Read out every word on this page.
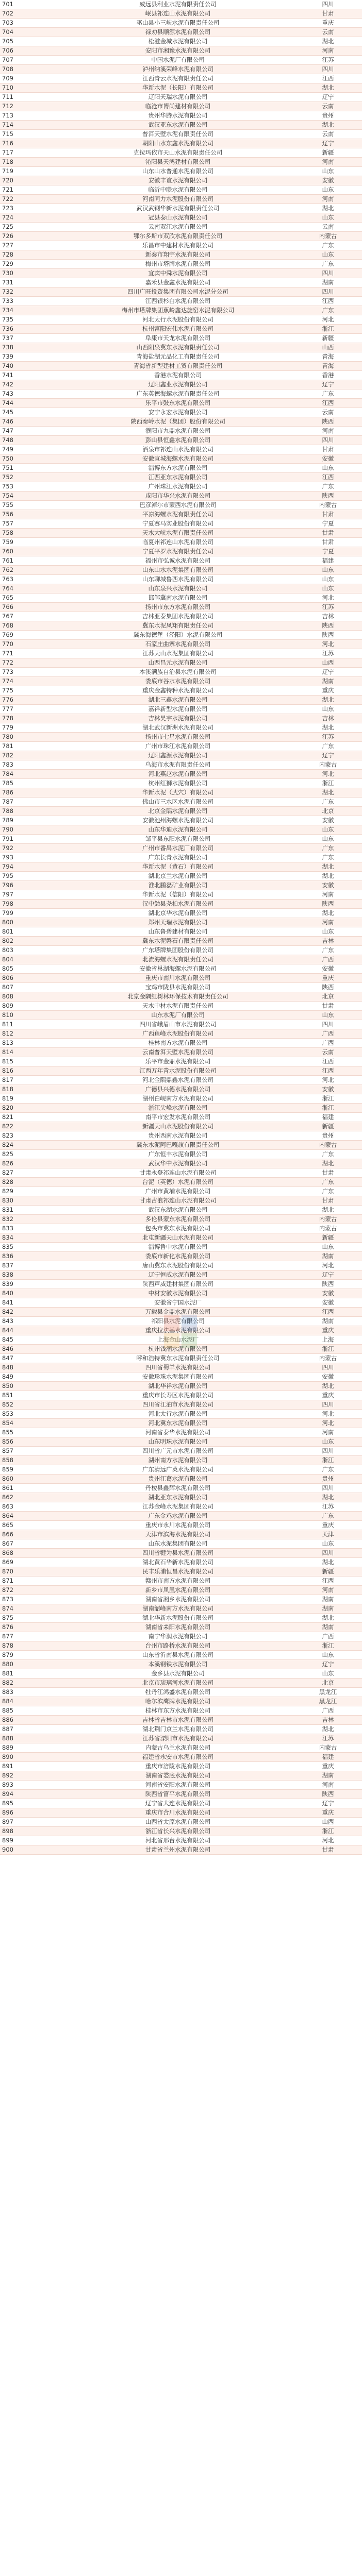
701	威远县利业水泥有限责任公司	四川
702	岷县祁连山水泥有限公司	甘肃
703	巫山县小三峡水泥有限责任公司	重庆
704	禄劝县顺源水泥有限公司	云南
705	松滋金城水泥有限公司	湖北
706	安阳市湘豫水泥有限公司	河南
707	中国水泥厂有限公司	江苏
708	泸州纳溪荣峰水泥有限公司	四川
709	江西青云水泥有限责任公司	江西
710	华新水泥（长阳）有限公司	湖北
711	辽阳天瑞水泥有限公司	辽宁
712	临沧市博尚建材有限公司	云南
713	贵州华腾水泥有限公司	贵州
714	武汉亚东水泥有限公司	湖北
715	普洱天壁水泥有限责任公司	云南
716	朝阳山水东鑫水泥有限公司	辽宁
717	克拉玛依市天山水泥有限责任公司	新疆
718	沁阳县天鸿建材有限公司	河南
719	山东山水普通水泥有限公司	山东
720	安徽丰谊水泥有限公司	安徽
721	临沂中联水泥有限公司	山东
722	河南同力水泥股份有限公司	河南
723	武汉武钢华新水泥有限责任公司	湖北
724	冠县泰山水泥有限公司	山东
725	云南双江水泥有限公司	云南
726	鄂尔多斯市双欣水泥有限责任公司	内蒙古
727	乐昌市中建材水泥有限公司	广东
728	新泰市翔宇水泥有限公司	山东
729	梅州市塔牌水泥有限公司	广东
730	宜宾中舜水泥有限公司	四川
731	嘉禾县金鑫水泥有限公司	湖南
732	四川广旺投资集团有限公司水泥分公司	四川
733	江西银杉白水泥有限公司	江西
734	梅州市塔牌集团蕉岭鑫达旋窑水泥有限公司	广东
735	河北太行水泥股份有限公司	河北
736	杭州富阳宏伟水泥有限公司	浙江
737	阜康市天龙水泥有限公司	新疆
738	山西阳泉冀东水泥有限责任公司	山西
739	青海盐湖元品化工有限责任公司	青海
740	青海省新型建材工贸有限责任公司	青海
741	香港水泥有限公司	香港
742	辽阳鑫业水泥有限公司	辽宁
743	广东英德海螺水泥有限责任公司	广东
744	乐平市鼓东水泥有限公司	江西
745	安宁永宏水泥有限公司	云南
746	陕西秦岭水泥（集团）股份有限公司	陕西
747	濮阳市九鼎水泥有限公司	河南
748	彭山县恒鑫水泥有限公司	四川
749	酒泉市祁连山水泥有限公司	甘肃
750	安徽宣城海螺水泥有限公司	安徽
751	淄博东方水泥有限公司	山东
752	江西亚东水泥有限公司	江西
753	广州珠江水泥有限公司	广东
754	咸阳市华兴水泥有限公司	陕西
755	巴彦淖尔市蒙西水泥有限公司	内蒙古
756	平凉海螺水泥有限责任公司	甘肃
757	宁夏赛马实业股份有限公司	宁夏
758	天水大峡水泥有限责任公司	甘肃
759	临夏州祁连山水泥有限公司	甘肃
760	宁夏平罗水泥有限责任公司	宁夏
761	福州市弘诚水泥有限公司	福建
762	山东山水水泥集团有限公司	山东
763	山东聊城鲁西水泥有限公司	山东
764	山东泉兴水泥有限公司	山东
765	邯郸冀南水泥有限公司	河北
766	扬州市东方水泥有限公司	江苏
767	吉林亚泰集团水泥有限公司	吉林
768	冀东水泥凤翔有限责任公司	陕西
769	冀东海德堡（泾阳）水泥有限公司	陕西
770	石家庄曲寨水泥有限公司	河北
771	江苏天山水泥集团有限公司	江苏
772	山西昌元水泥有限公司	山西
773	本溪满族自治县水泥有限公司	辽宁
774	娄底市谷水水泥有限公司	湖南
775	重庆金鑫特种水泥有限公司	重庆
776	湖北三鑫水泥有限公司	湖北
777	嘉祥新型水泥有限公司	山东
778	吉林昊宇水泥有限公司	吉林
779	湖北武汉新洲水泥有限公司	湖北
780	扬州市七星水泥有限公司	江苏
781	广州市珠江水泥有限公司	广东
782	辽阳鑫源水泥有限公司	辽宁
783	乌海市水泥有限责任公司	内蒙古
784	河北燕赵水泥有限公司	河北
785	杭州红狮水泥有限公司	浙江
786	华新水泥（武穴）有限公司	湖北
787	佛山市三水区水泥有限公司	广东
788	北京金隅水泥有限公司	北京
789	安徽池州海螺水泥有限公司	安徽
790	山东华迪水泥有限公司	山东
791	邹平县东阳水泥有限公司	山东
792	广州市番禺水泥厂有限公司	广东
793	广东长青水泥有限公司	广东
794	华新水泥（黄石）有限公司	湖北
795	湖北京兰水泥有限公司	湖北
796	淮北鹏磊矿业有限公司	安徽
797	华新水泥（信阳）有限公司	河南
798	汉中勉县尧柏水泥有限公司	陕西
799	湖北京华水泥有限公司	湖北
800	郑州天瑞水泥有限公司	河南
801	山东鲁碧建材有限公司	山东
802	冀东水泥磐石有限责任公司	吉林
803	广东塔牌集团股份有限公司	广东
804	北流海螺水泥有限责任公司	广西
805	安徽省巢湖海螺水泥有限公司	安徽
806	重庆市南川水泥有限公司	重庆
807	宝鸡市陇县水泥有限公司	陕西
808	北京金隅红树林环保技术有限责任公司	北京
809	天水中材水泥有限责任公司	甘肃
810	山东水泥厂有限公司	山东
811	四川省峨眉山市水泥有限公司	四川
812	广西鱼峰水泥股份有限公司	广西
813	桂林南方水泥有限公司	广西
814	云南普洱天壁水泥有限公司	云南
815	乐平市金鼎水泥有限公司	江西
816	江西万年青水泥股份有限公司	江西
817	河北金隅鼎鑫水泥有限公司	河北
818	广德县兴德水泥有限公司	安徽
819	湖州白岘南方水泥有限公司	浙江
820	浙江尖峰水泥有限公司	浙江
821	南平市宏发水泥有限公司	福建
822	新疆天山水泥股份有限公司	新疆
823	贵州西南水泥有限公司	贵州
824	冀东水泥阿巴嘎旗有限责任公司	内蒙古
825	广东恒丰水泥有限公司	广东
826	武汉华中水泥有限公司	湖北
827	甘肃永登祁连山水泥有限公司	甘肃
828	台泥（英德）水泥有限公司	广东
829	广州市黄埔水泥有限公司	广东
830	甘肃古浪祁连山水泥有限公司	甘肃
831	武汉东湖水泥有限公司	湖北
832	多伦县蒙东水泥有限公司	内蒙古
833	包头市冀东水泥有限公司	内蒙古
834	北屯新疆天山水泥有限公司	新疆
835	淄博鲁中水泥有限公司	山东
836	娄底市新化水泥有限公司	湖南
837	唐山冀东水泥股份有限公司	河北
838	辽宁恒威水泥有限公司	辽宁
839	陕西声威建材集团有限公司	陕西
840	中材安徽水泥有限公司	安徽
841	安徽省宁国水泥厂	安徽
842	万载县金鼎水泥有限公司	江西
843	祁阳县水泥有限公司	湖南
844	重庆拉法基水泥有限公司	重庆
845	上海金山水泥厂	上海
846	杭州钱潮水泥有限公司	浙江
847	呼和浩特冀东水泥有限责任公司	内蒙古
848	四川省蜀羊水泥有限公司	四川
849	安徽珍珠水泥集团有限公司	安徽
850	湖北华祥水泥有限公司	湖北
851	重庆市长寿区水泥有限公司	重庆
852	四川省江油市水泥有限公司	四川
853	河北太行水泥有限公司	河北
854	河北冀东水泥有限公司	河北
855	河南省泰华水泥有限公司	河南
856	山东明珠水泥有限公司	山东
857	四川省广元市水泥有限公司	四川
858	湖州南方水泥有限公司	浙江
859	广东清远广英水泥有限公司	广东
860	贵州江葛水泥有限公司	贵州
861	丹棱县鑫辉水泥有限公司	四川
862	湖北亚东水泥有限公司	湖北
863	江苏金峰水泥集团有限公司	江苏
864	广东金鸡水泥有限公司	广东
865	重庆市永川水泥有限公司	重庆
866	天津市滨海水泥有限公司	天津
867	山东水泥集团有限公司	山东
868	四川省犍为县水泥有限公司	四川
869	湖北黄石华新水泥有限公司	湖北
870	民丰乐浦恒昌水泥有限公司	新疆
871	赣州市南方水泥有限公司	江西
872	新乡市凤凰水泥有限公司	河南
873	湖南省湘乡水泥有限公司	湖南
874	湖南韶峰南方水泥有限公司	湖南
875	湖北华新水泥股份有限公司	湖北
876	湖南省耒阳水泥有限公司	湖南
877	南宁华润水泥有限公司	广西
878	台州市路桥水泥有限公司	浙江
879	山东省沂南县水泥有限公司	山东
880	本溪钢铁水泥有限公司	辽宁
881	金乡县水泥有限公司	山东
882	北京市琉璃河水泥有限公司	北京
883	牡丹江鸿盛水泥有限公司	黑龙江
884	哈尔滨鹰牌水泥有限公司	黑龙江
885	桂林市东方水泥有限公司	广西
886	吉林省吉林市水泥有限公司	吉林
887	湖北荆门京兰水泥有限公司	湖北
888	江苏省溧阳市水泥有限公司	江苏
889	内蒙古乌兰水泥有限公司	内蒙古
890	福建省永安市水泥有限公司	福建
891	重庆市涪陵水泥有限公司	重庆
892	湖南省娄底水泥有限公司	湖南
893	河南省安阳水泥有限公司	河南
894	陕西省富平水泥有限公司	陕西
895	辽宁省大连水泥有限公司	辽宁
896	重庆市合川水泥有限公司	重庆
897	山西省太原水泥有限公司	山西
898	浙江省长兴水泥有限公司	浙江
899	河北省邢台水泥有限公司	河北
900	甘肃省兰州水泥有限公司	甘肃
